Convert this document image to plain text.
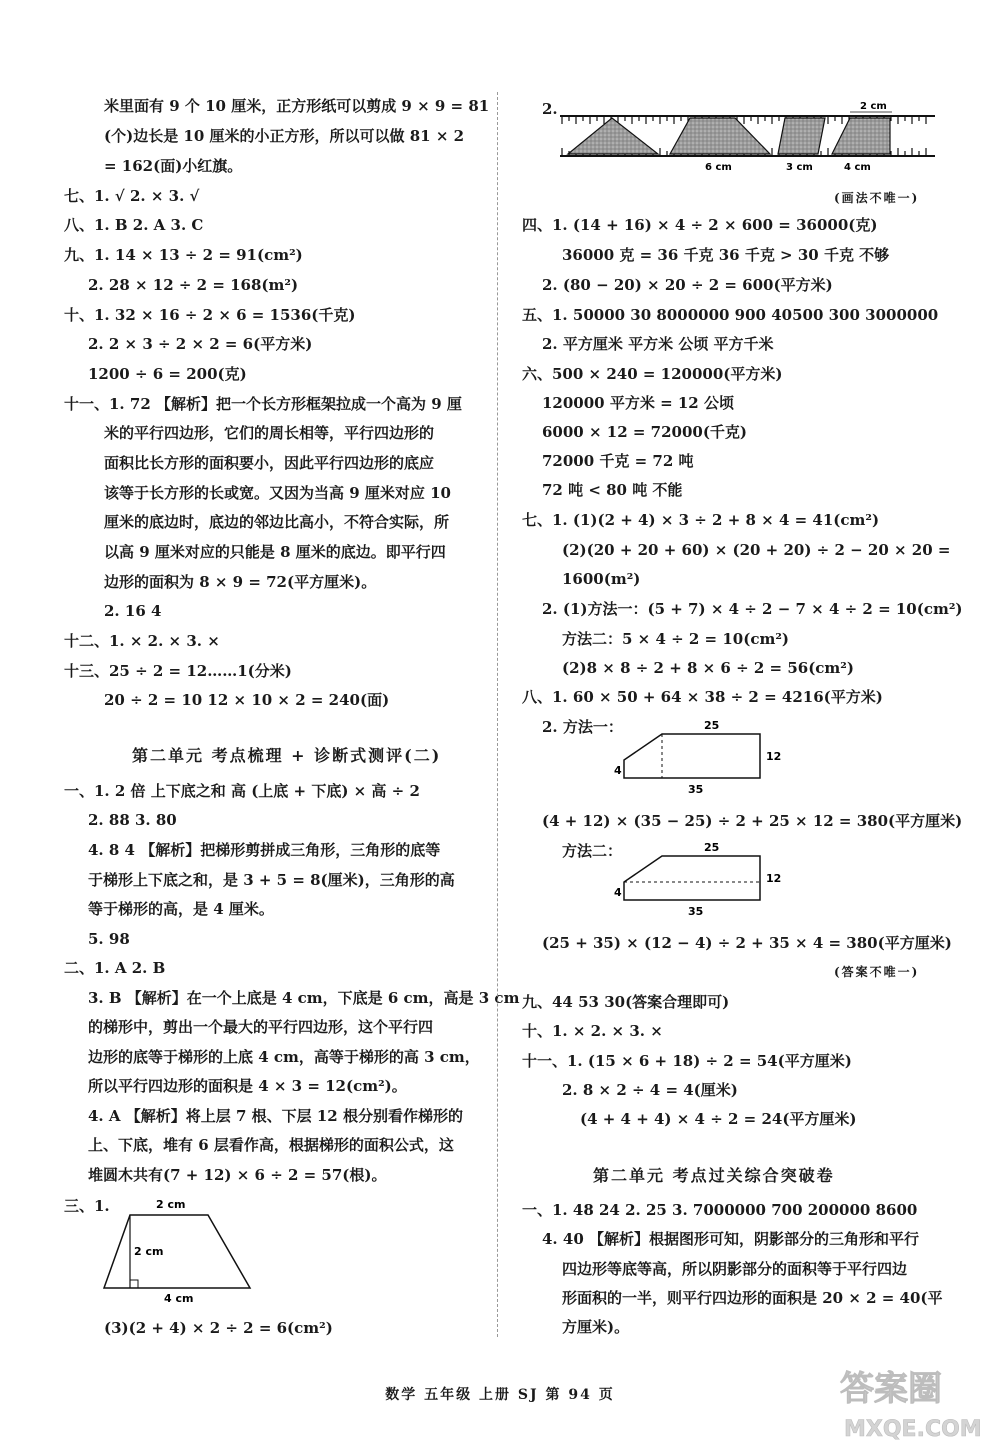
米里面有 9 个 10 厘米，正方形纸可以剪成 9 × 9 = 81
(个)边长是 10 厘米的小正方形，所以可以做 81 × 2
= 162(面)小红旗。
七、1. √ 2. × 3. √
八、1. B 2. A 3. C
九、1. 14 × 13 ÷ 2 = 91(cm²)
2. 28 × 12 ÷ 2 = 168(m²)
十、1. 32 × 16 ÷ 2 × 6 = 1536(千克)
2. 2 × 3 ÷ 2 × 2 = 6(平方米)
1200 ÷ 6 = 200(克)
十一、1. 72 【解析】把一个长方形框架拉成一个高为 9 厘
米的平行四边形，它们的周长相等，平行四边形的
面积比长方形的面积要小，因此平行四边形的底应
该等于长方形的长或宽。又因为当高 9 厘米对应 10
厘米的底边时，底边的邻边比高小，不符合实际，所
以高 9 厘米对应的只能是 8 厘米的底边。即平行四
边形的面积为 8 × 9 = 72(平方厘米)。
2. 16 4
十二、1. × 2. × 3. ×
十三、25 ÷ 2 = 12……1(分米)
20 ÷ 2 = 10 12 × 10 × 2 = 240(面)
一、1. 2 倍 上下底之和 高 (上底 + 下底) × 高 ÷ 2
2. 88 3. 80
4. 8 4 【解析】把梯形剪拼成三角形，三角形的底等
于梯形上下底之和，是 3 + 5 = 8(厘米)，三角形的高
等于梯形的高，是 4 厘米。
5. 98
二、1. A 2. B
3. B 【解析】在一个上底是 4 cm，下底是 6 cm，高是 3 cm
的梯形中，剪出一个最大的平行四边形，这个平行四
边形的底等于梯形的上底 4 cm，高等于梯形的高 3 cm，
所以平行四边形的面积是 4 × 3 = 12(cm²)。
4. A 【解析】将上层 7 根、下层 12 根分别看作梯形的
上、下底，堆有 6 层看作高，根据梯形的面积公式，这
堆圆木共有(7 + 12) × 6 ÷ 2 = 57(根)。
三、1.
(3)(2 + 4) × 2 ÷ 2 = 6(cm²)
第二单元 考点梳理 + 诊断式测评(二)
2.
四、1. (14 + 16) × 4 ÷ 2 × 600 = 36000(克)
36000 克 = 36 千克 36 千克 > 30 千克 不够
2. (80 − 20) × 20 ÷ 2 = 600(平方米)
五、1. 50000 30 8000000 900 40500 300 3000000
2. 平方厘米 平方米 公顷 平方千米
六、500 × 240 = 120000(平方米)
120000 平方米 = 12 公顷
6000 × 12 = 72000(千克)
72000 千克 = 72 吨
72 吨 < 80 吨 不能
七、1. (1)(2 + 4) × 3 ÷ 2 + 8 × 4 = 41(cm²)
(2)(20 + 20 + 60) × (20 + 20) ÷ 2 − 20 × 20 =
1600(m²)
2. (1)方法一：(5 + 7) × 4 ÷ 2 − 7 × 4 ÷ 2 = 10(cm²)
方法二：5 × 4 ÷ 2 = 10(cm²)
(2)8 × 8 ÷ 2 + 8 × 6 ÷ 2 = 56(cm²)
八、1. 60 × 50 + 64 × 38 ÷ 2 = 4216(平方米)
2. 方法一：
(4 + 12) × (35 − 25) ÷ 2 + 25 × 12 = 380(平方厘米)
方法二：
(25 + 35) × (12 − 4) ÷ 2 + 35 × 4 = 380(平方厘米)
九、44 53 30(答案合理即可)
十、1. × 2. × 3. ×
十一、1. (15 × 6 + 18) ÷ 2 = 54(平方厘米)
2. 8 × 2 ÷ 4 = 4(厘米)
(4 + 4 + 4) × 4 ÷ 2 = 24(平方厘米)
一、1. 48 24 2. 25 3. 7000000 700 200000 8600
4. 40 【解析】根据图形可知，阴影部分的三角形和平行
四边形等底等高，所以阴影部分的面积等于平行四边
形面积的一半，则平行四边形的面积是 20 × 2 = 40(平
方厘米)。
(画法不唯一)
(答案不唯一)
第二单元 考点过关综合突破卷
2 cm
6 cm	3 cm	4 cm
2 cm
2 cm
4 cm
25
12
4
35
25
12
4
35
数学 五年级 上册 SJ 第 94 页	答案圈
MXQE.COM
